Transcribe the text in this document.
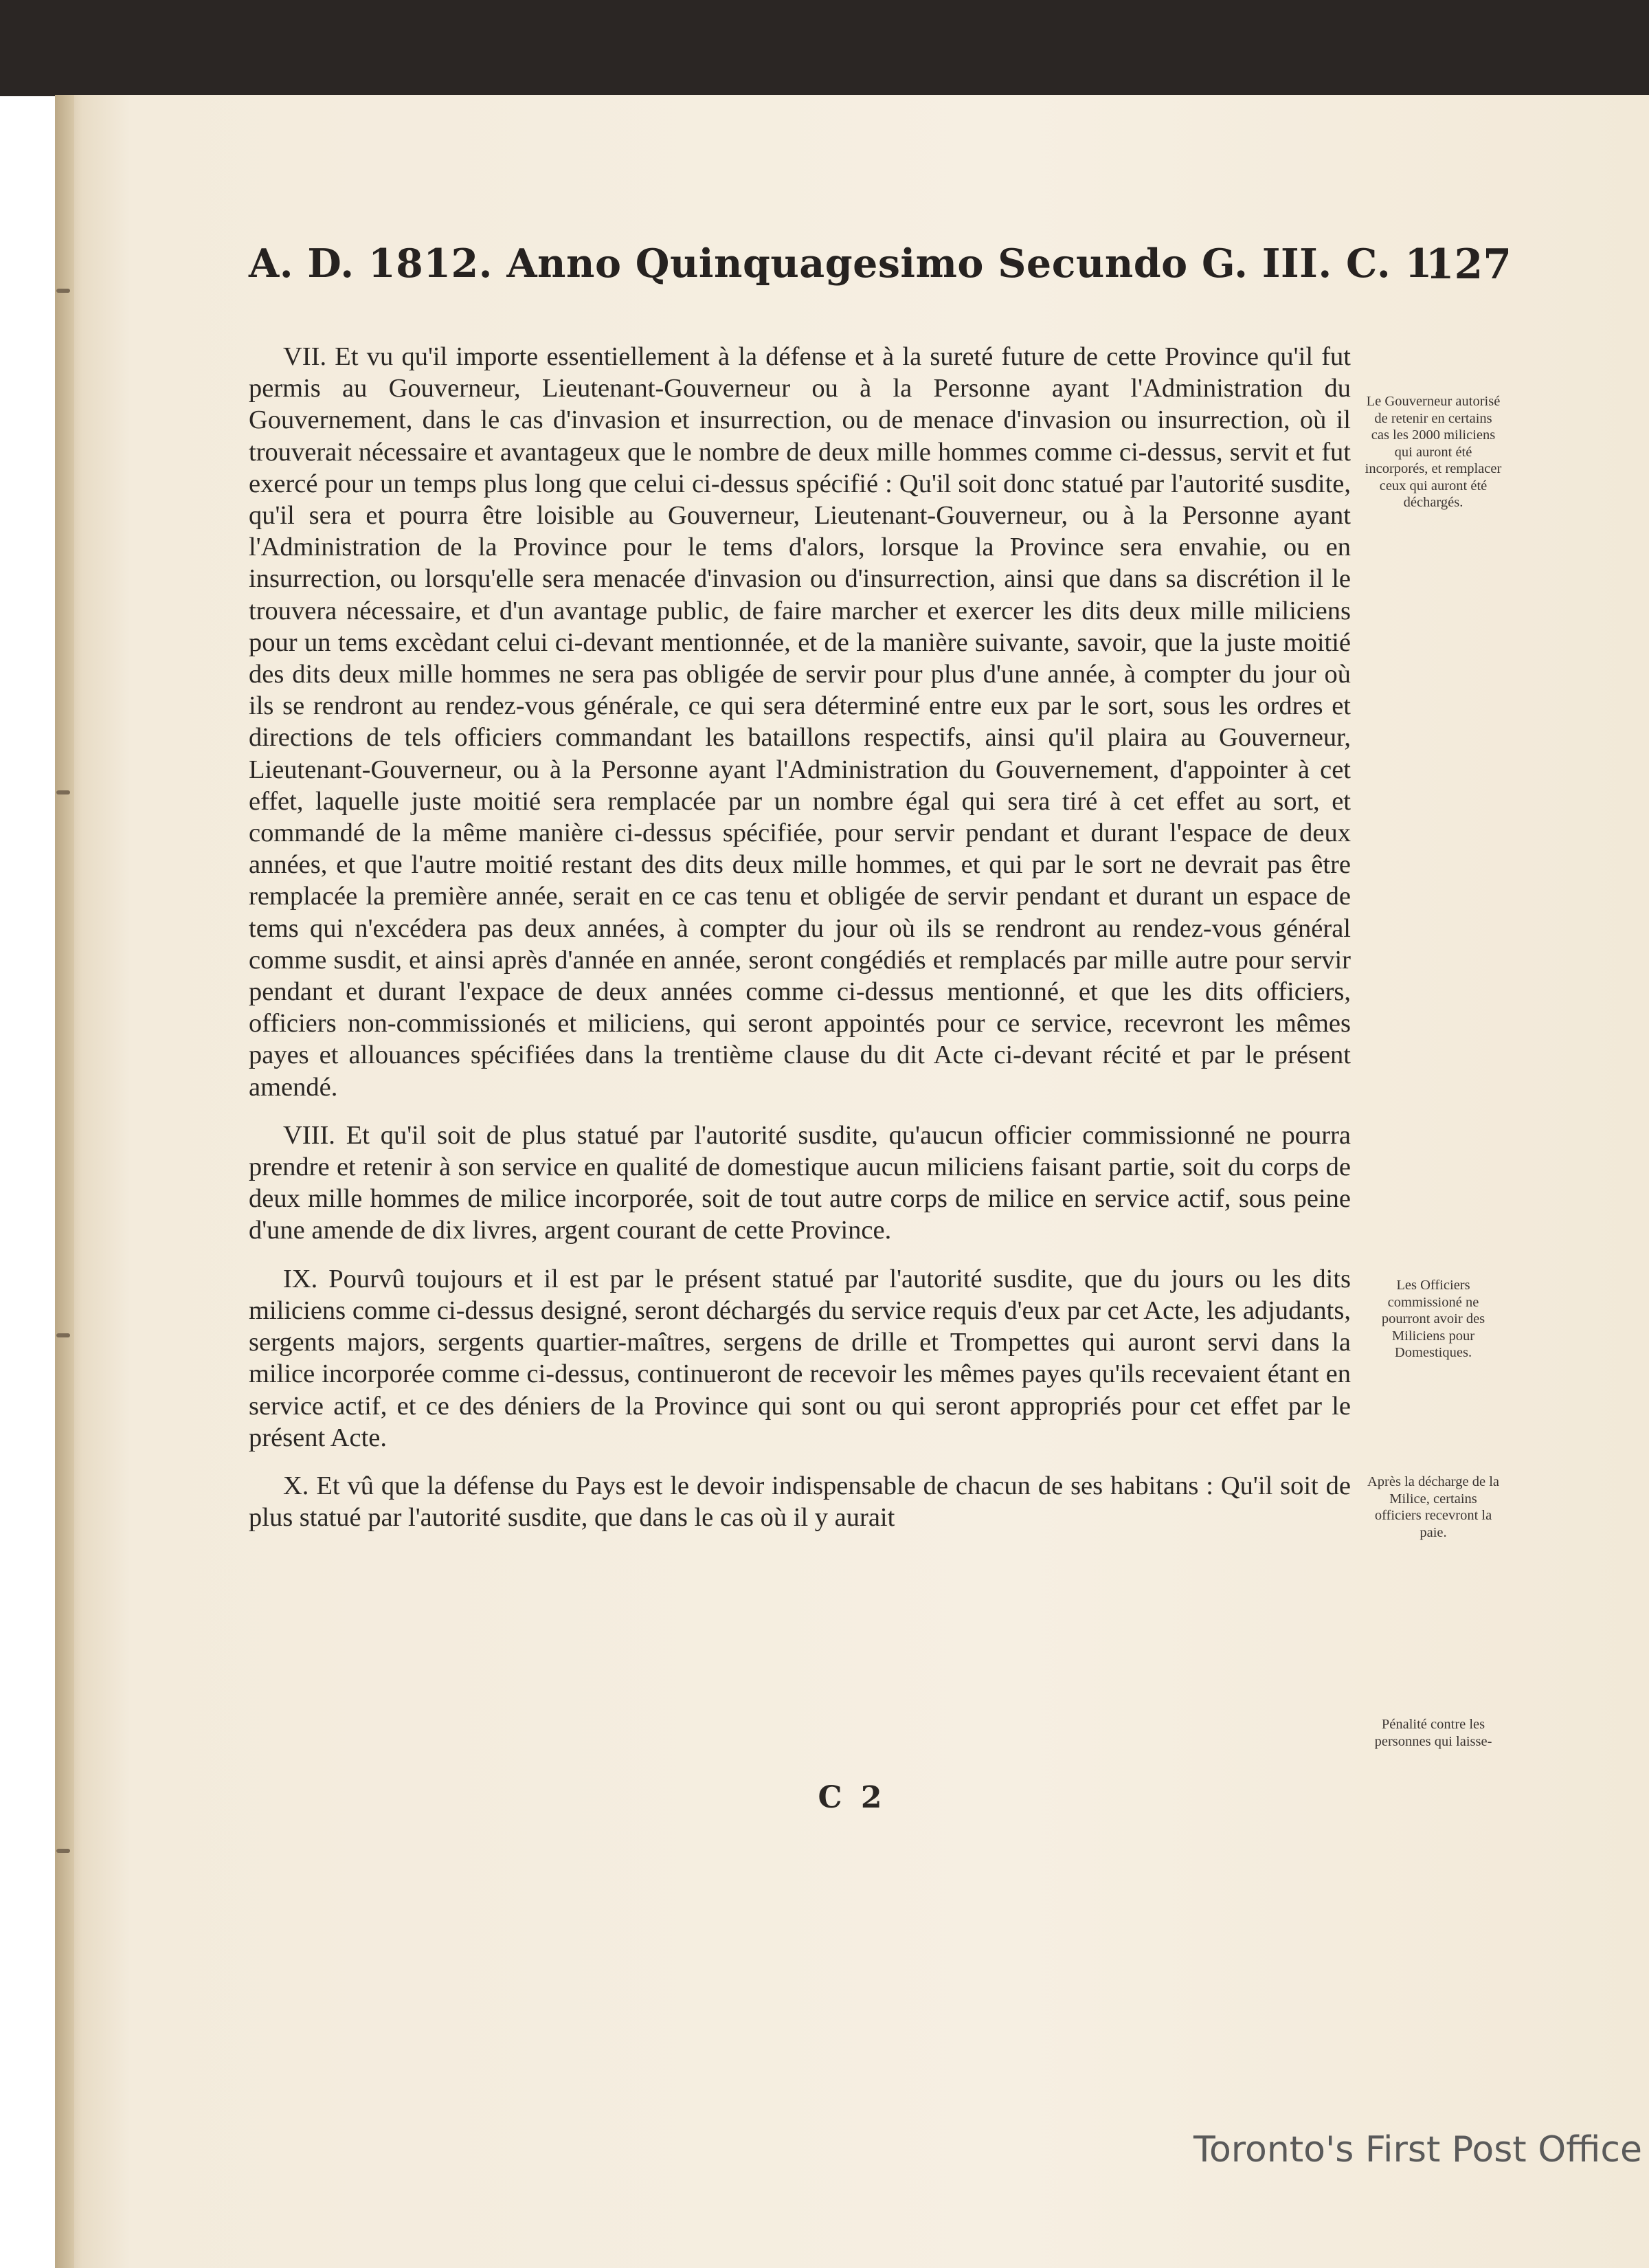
A. D. 1812. Anno Quinquagesimo Secundo G. III. C. 1.
127

VII. Et vu qu'il importe essentiellement à la défense et à la sureté future de cette Province qu'il fut permis au Gouverneur, Lieutenant-Gouverneur ou à la Personne ayant l'Administration du Gouvernement, dans le cas d'invasion et insurrection, ou de menace d'invasion ou insurrection, où il trouverait nécessaire et avantageux que le nombre de deux mille hommes comme ci-dessus, servit et fut exercé pour un temps plus long que celui ci-dessus spécifié : Qu'il soit donc statué par l'autorité susdite, qu'il sera et pourra être loisible au Gouverneur, Lieutenant-Gouverneur, ou à la Personne ayant l'Administration de la Province pour le tems d'alors, lorsque la Province sera envahie, ou en insurrection, ou lorsqu'elle sera menacée d'invasion ou d'insurrection, ainsi que dans sa discrétion il le trouvera nécessaire, et d'un avantage public, de faire marcher et exercer les dits deux mille miliciens pour un tems excèdant celui ci-devant mentionnée, et de la manière suivante, savoir, que la juste moitié des dits deux mille hommes ne sera pas obligée de servir pour plus d'une année, à compter du jour où ils se rendront au rendez-vous générale, ce qui sera déterminé entre eux par le sort, sous les ordres et directions de tels officiers commandant les bataillons respectifs, ainsi qu'il plaira au Gouverneur, Lieutenant-Gouverneur, ou à la Personne ayant l'Administration du Gouvernement, d'appointer à cet effet, laquelle juste moitié sera remplacée par un nombre égal qui sera tiré à cet effet au sort, et commandé de la même manière ci-dessus spécifiée, pour servir pendant et durant l'espace de deux années, et que l'autre moitié restant des dits deux mille hommes, et qui par le sort ne devrait pas être remplacée la première année, serait en ce cas tenu et obligée de servir pendant et durant un espace de tems qui n'excédera pas deux années, à compter du jour où ils se rendront au rendez-vous général comme susdit, et ainsi après d'année en année, seront congédiés et remplacés par mille autre pour servir pendant et durant l'expace de deux années comme ci-dessus mentionné, et que les dits officiers, officiers non-commissionés et miliciens, qui seront appointés pour ce service, recevront les mêmes payes et allouances spécifiées dans la trentième clause du dit Acte ci-devant récité et par le présent amendé.

VIII. Et qu'il soit de plus statué par l'autorité susdite, qu'aucun officier commissionné ne pourra prendre et retenir à son service en qualité de domestique aucun miliciens faisant partie, soit du corps de deux mille hommes de milice incorporée, soit de tout autre corps de milice en service actif, sous peine d'une amende de dix livres, argent courant de cette Province.

IX. Pourvû toujours et il est par le présent statué par l'autorité susdite, que du jours ou les dits miliciens comme ci-dessus designé, seront déchargés du service requis d'eux par cet Acte, les adjudants, sergents majors, sergents quartier-maîtres, sergens de drille et Trompettes qui auront servi dans la milice incorporée comme ci-dessus, continueront de recevoir les mêmes payes qu'ils recevaient étant en service actif, et ce des déniers de la Province qui sont ou qui seront appropriés pour cet effet par le présent Acte.

X. Et vû que la défense du Pays est le devoir indispensable de chacun de ses habitans : Qu'il soit de plus statué par l'autorité susdite, que dans le cas où il y aurait

C 2
Le Gouverneur autorisé de retenir en certains cas les 2000 miliciens qui auront été incorporés, et remplacer ceux qui auront été déchargés.
Les Officiers commissioné ne pourront avoir des Miliciens pour Domestiques.
Après la décharge de la Milice, certains officiers recevront la paie.
Pénalité contre les personnes qui laisse-
Toronto's First Post Office
